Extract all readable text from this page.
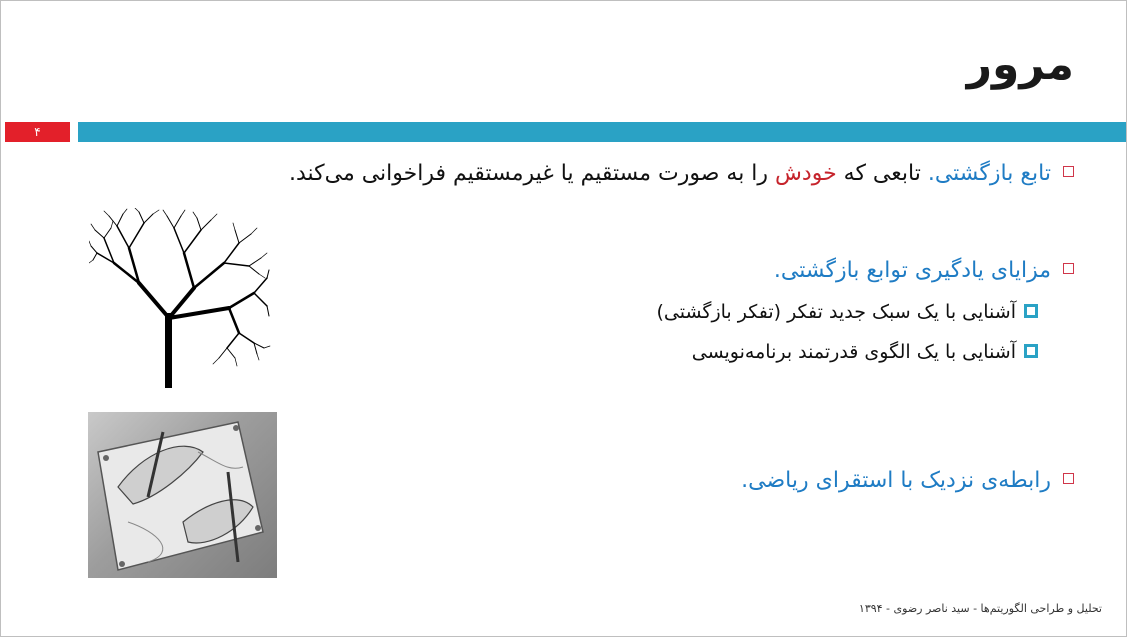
مرور
۴
تابع بازگشتی. تابعی که خودش را به صورت مستقیم یا غیرمستقیم فراخوانی می‌کند.
مزایای یادگیری توابع بازگشتی.
آشنایی با یک سبک جدید تفکر (تفکر بازگشتی)
آشنایی با یک الگوی قدرتمند برنامه‌نویسی
رابطه‌ی نزدیک با استقرای ریاضی.
تحلیل و طراحی الگوریتم‌ها - سید ناصر رضوی - ۱۳۹۴
